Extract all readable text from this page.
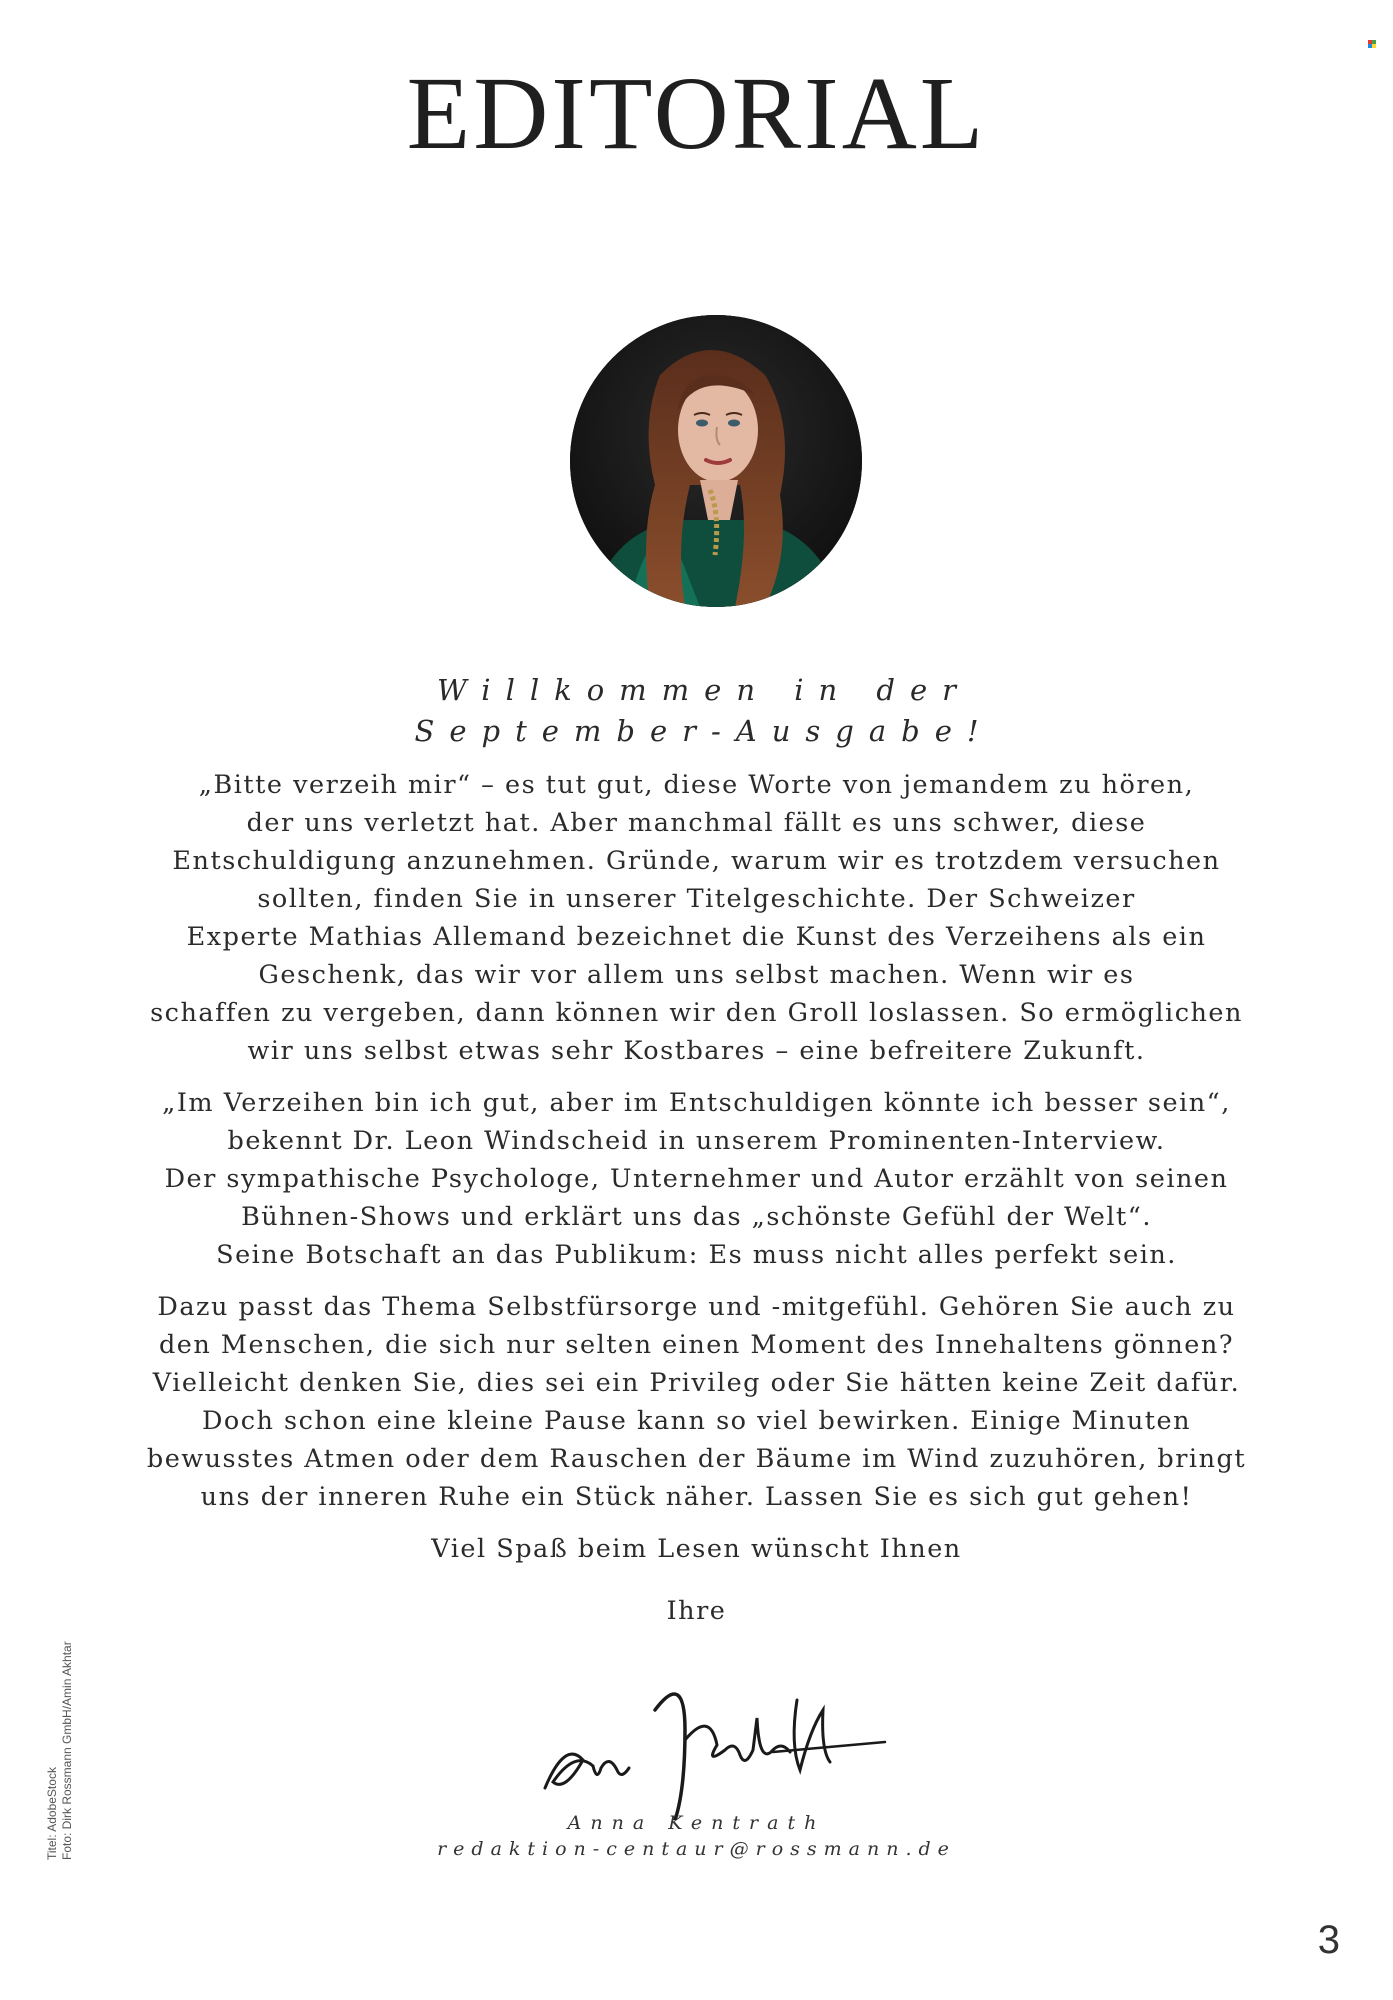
EDITORIAL
Willkommen in der
September-Ausgabe!

„Bitte verzeih mir“ – es tut gut, diese Worte von jemandem zu hören,
der uns verletzt hat. Aber manchmal fällt es uns schwer, diese
Entschuldigung anzunehmen. Gründe, warum wir es trotzdem versuchen
sollten, finden Sie in unserer Titelgeschichte. Der Schweizer
Experte Mathias Allemand bezeichnet die Kunst des Verzeihens als ein
Geschenk, das wir vor allem uns selbst machen. Wenn wir es
schaffen zu vergeben, dann können wir den Groll loslassen. So ermöglichen
wir uns selbst etwas sehr Kostbares – eine befreitere Zukunft.

„Im Verzeihen bin ich gut, aber im Entschuldigen könnte ich besser sein“,
bekennt Dr. Leon Windscheid in unserem Prominenten-Interview.
Der sympathische Psychologe, Unternehmer und Autor erzählt von seinen
Bühnen-Shows und erklärt uns das „schönste Gefühl der Welt“.
Seine Botschaft an das Publikum: Es muss nicht alles perfekt sein.

Dazu passt das Thema Selbstfürsorge und -mitgefühl. Gehören Sie auch zu
den Menschen, die sich nur selten einen Moment des Innehaltens gönnen?
Vielleicht denken Sie, dies sei ein Privileg oder Sie hätten keine Zeit dafür.
Doch schon eine kleine Pause kann so viel bewirken. Einige Minuten
bewusstes Atmen oder dem Rauschen der Bäume im Wind zuzuhören, bringt
uns der inneren Ruhe ein Stück näher. Lassen Sie es sich gut gehen!

Viel Spaß beim Lesen wünscht Ihnen

Ihre

Anna Kentrath
redaktion-centaur@rossmann.de
Titel: AdobeStock Foto: Dirk Rossmann GmbH/Amin Akhtar
3
